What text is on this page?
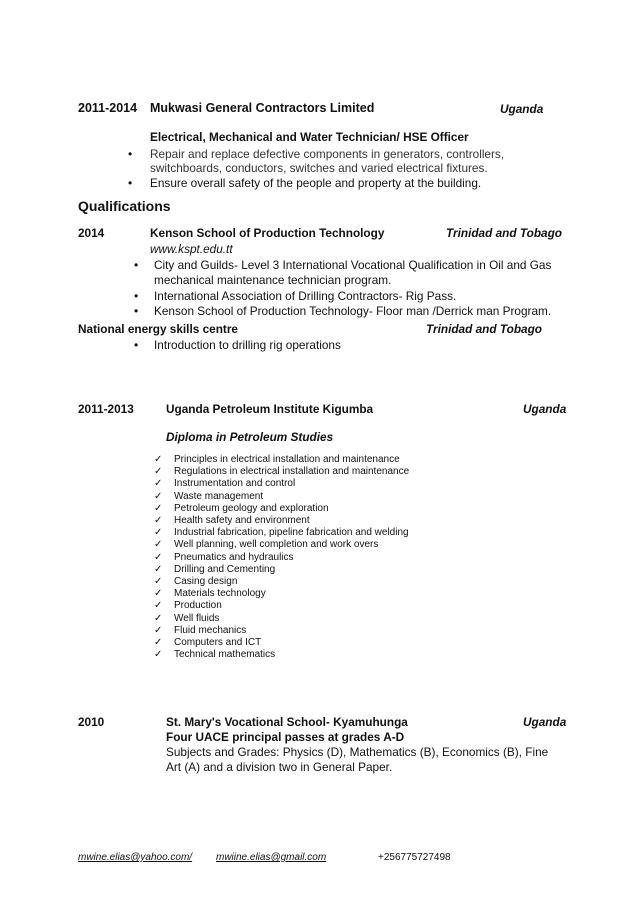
2011-2014 Mukwasi General Contractors Limited	Uganda
Electrical, Mechanical and Water Technician/ HSE Officer
• Repair and replace defective components in generators, controllers,
switchboards, conductors, switches and varied electrical fixtures.
• Ensure overall safety of the people and property at the building.
Qualifications
2014	Kenson School of Production Technology	Trinidad and Tobago
www.kspt.edu.tt
• City and Guilds- Level 3 International Vocational Qualification in Oil and Gas
mechanical maintenance technician program.
• International Association of Drilling Contractors- Rig Pass.
• Kenson School of Production Technology- Floor man /Derrick man Program.
National energy skills centre	Trinidad and Tobago
• Introduction to drilling rig operations
2011-2013	Uganda Petroleum Institute Kigumba	Uganda
Diploma in Petroleum Studies
✓ Principles in electrical installation and maintenance
✓ Regulations in electrical installation and maintenance
✓ Instrumentation and control
✓ Waste management
✓ Petroleum geology and exploration
✓ Health safety and environment
✓ Industrial fabrication, pipeline fabrication and welding
✓ Well planning, well completion and work overs
✓ Pneumatics and hydraulics
✓ Drilling and Cementing
✓ Casing design
✓ Materials technology
✓ Production
✓ Well fluids
✓ Fluid mechanics
✓ Computers and ICT
✓ Technical mathematics
2010	St. Mary's Vocational School- Kyamuhunga	Uganda
Four UACE principal passes at grades A-D
Subjects and Grades: Physics (D), Mathematics (B), Economics (B), Fine
Art (A) and a division two in General Paper.
mwine.elias@yahoo.com/ mwiine.elias@gmail.com	+256775727498
